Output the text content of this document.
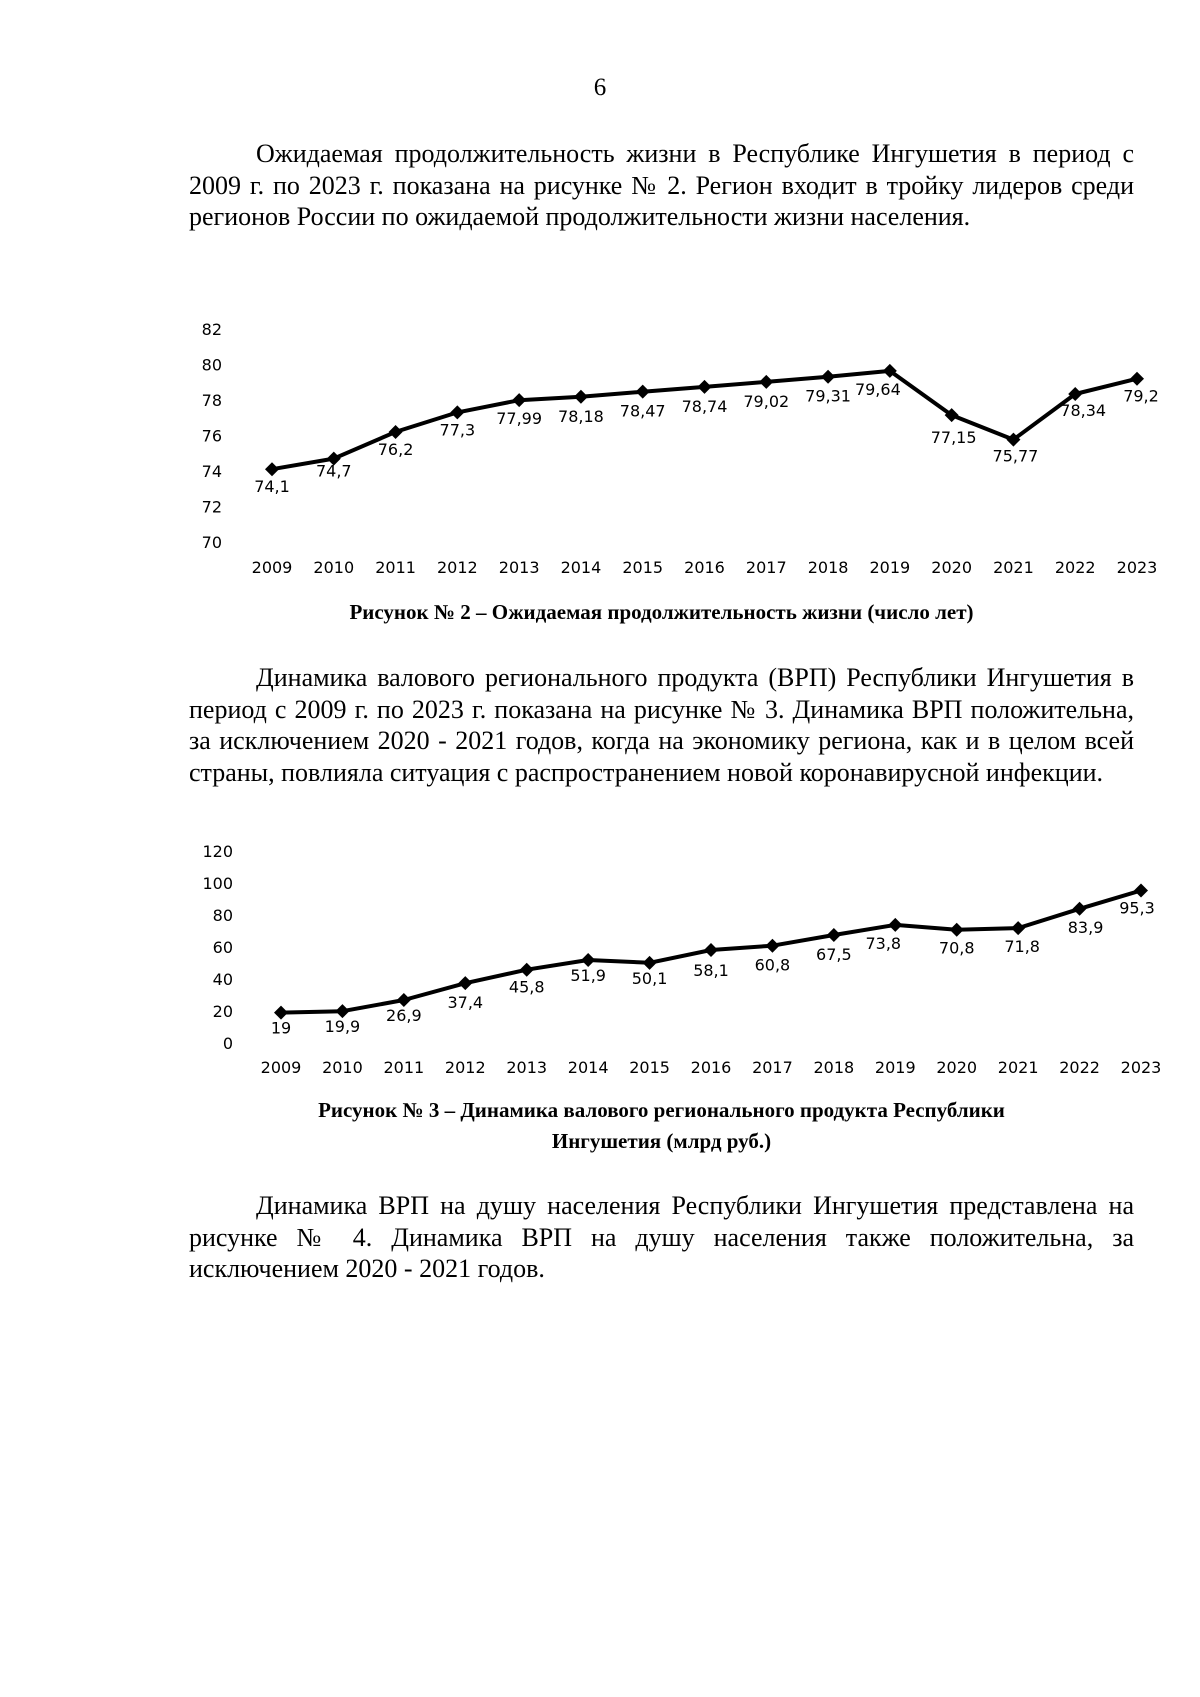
6

Ожидаемая продолжительность жизни в Республике Ингушетия в период с 2009 г. по 2023 г. показана на рисунке № 2. Регион входит в тройку лидеров среди регионов России по ожидаемой продолжительности жизни населения.

70
72
74
76
78
80
82
2009 2010 2011 2012 2013 2014 2015 2016 2017 2018 2019 2020 2021 2022 2023
74,1
74,7
76,2
77,3
77,99 78,18 78,47 78,74 79,02 79,31 79,64
77,15
75,77
78,34
79,2

Рисунок № 2 – Ожидаемая продолжительность жизни (число лет)

Динамика валового регионального продукта (ВРП) Республики Ингушетия в период с 2009 г. по 2023 г. показана на рисунке № 3. Динамика ВРП положительна, за исключением 2020 - 2021 годов, когда на экономику региона, как и в целом всей страны, повлияла ситуация с распространением новой коронавирусной инфекции.

0
20
40
60
80
100
120
2009 2010 2011 2012 2013 2014 2015 2016 2017 2018 2019 2020 2021 2022 2023
19 19,9
26,9
37,4
45,8
51,9 50,1 58,1 60,8
67,5
73,8 70,8 71,8
83,9
95,3
Рисунок № 3 – Динамика валового регионального продукта Республики
Ингушетия (млрд руб.)

Динамика ВРП на душу населения Республики Ингушетия представлена на рисунке № 4. Динамика ВРП на душу населения также положительна, за исключением 2020 - 2021 годов.
